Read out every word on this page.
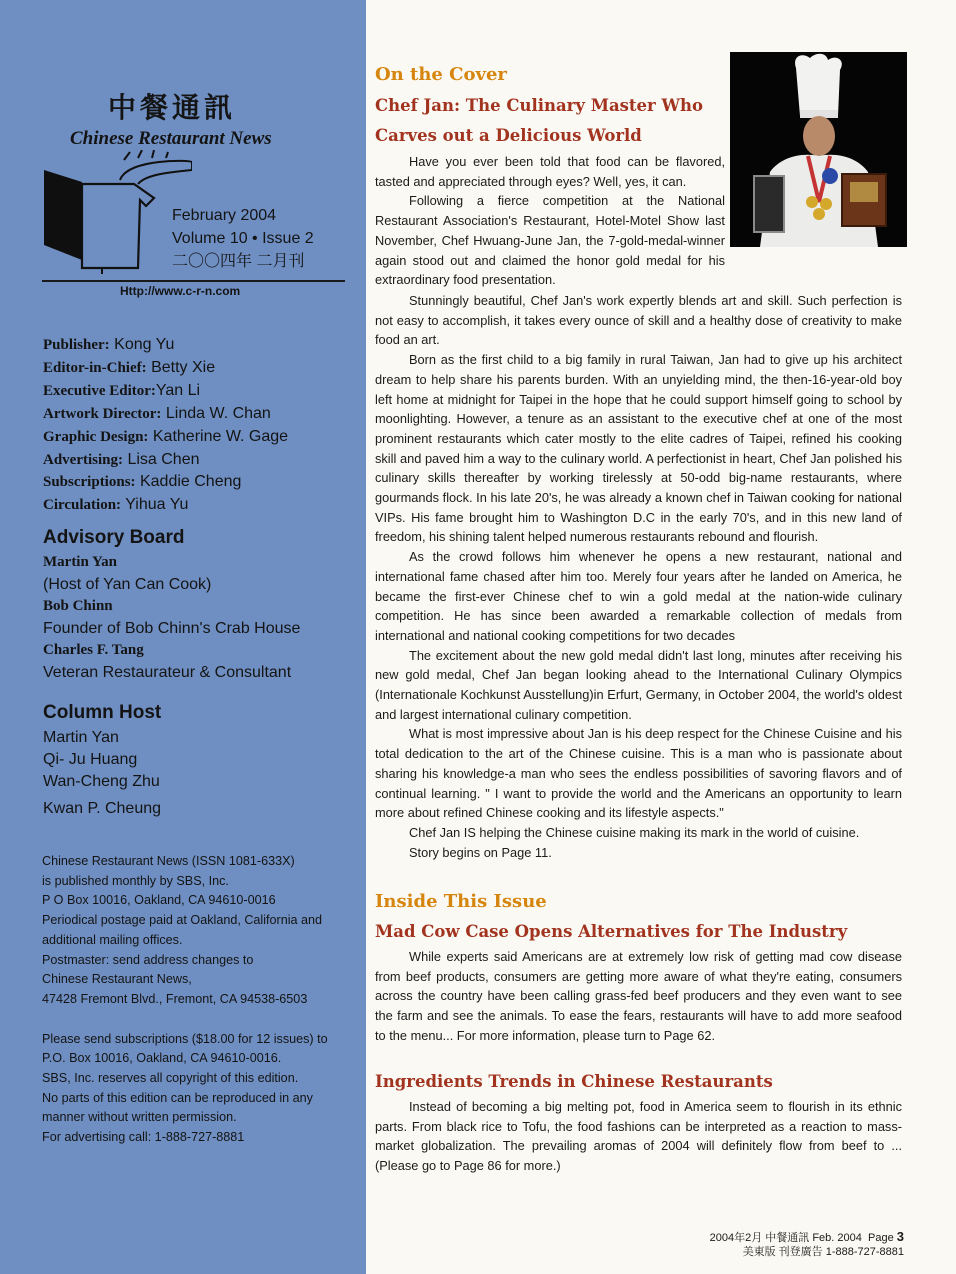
中餐通訊
Chinese Restaurant News
February 2004
Volume 10 • Issue 2
二〇〇四年 二月刊
Http://www.c-r-n.com
Publisher: Kong Yu
Editor-in-Chief: Betty Xie
Executive Editor:Yan Li
Artwork Director: Linda W. Chan
Graphic Design: Katherine W. Gage
Advertising: Lisa Chen
Subscriptions: Kaddie Cheng
Circulation: Yihua Yu
Advisory Board
Martin Yan
(Host of Yan Can Cook)
Bob Chinn
Founder of Bob Chinn's Crab House
Charles F. Tang
Veteran Restaurateur & Consultant
Column Host
Martin Yan
Qi- Ju Huang
Wan-Cheng Zhu
Kwan P. Cheung
Chinese Restaurant News (ISSN 1081-633X)
is published monthly by SBS, Inc.
P O Box 10016, Oakland, CA 94610-0016
Periodical postage paid at Oakland, California and additional mailing offices.
Postmaster: send address changes to
Chinese Restaurant News,
47428 Fremont Blvd., Fremont, CA 94538-6503
Please send subscriptions ($18.00 for 12 issues) to
P.O. Box 10016, Oakland, CA 94610-0016.
SBS, Inc. reserves all copyright of this edition.
No parts of this edition can be reproduced in any manner without written permission.
For advertising call: 1-888-727-8881
On the Cover
Chef Jan: The Culinary Master Who
Carves out a Delicious World

Have you ever been told that food can be flavored, tasted and appreciated through eyes? Well, yes, it can.

Following a fierce competition at the National Restaurant Association's Restaurant, Hotel-Motel Show last November, Chef Hwuang-June Jan, the 7-gold-medal-winner again stood out and claimed the honor gold medal for his extraordinary food presentation.

Stunningly beautiful, Chef Jan's work expertly blends art and skill. Such perfection is not easy to accomplish, it takes every ounce of skill and a healthy dose of creativity to make food an art.

Born as the first child to a big family in rural Taiwan, Jan had to give up his architect dream to help share his parents burden. With an unyielding mind, the then-16-year-old boy left home at midnight for Taipei in the hope that he could support himself going to school by moonlighting. However, a tenure as an assistant to the executive chef at one of the most prominent restaurants which cater mostly to the elite cadres of Taipei, refined his cooking skill and paved him a way to the culinary world. A perfectionist in heart, Chef Jan polished his culinary skills thereafter by working tirelessly at 50-odd big-name restaurants, where gourmands flock. In his late 20's, he was already a known chef in Taiwan cooking for national VIPs. His fame brought him to Washington D.C in the early 70's, and in this new land of freedom, his shining talent helped numerous restaurants rebound and flourish.

As the crowd follows him whenever he opens a new restaurant, national and international fame chased after him too. Merely four years after he landed on America, he became the first-ever Chinese chef to win a gold medal at the nation-wide culinary competition. He has since been awarded a remarkable collection of medals from international and national cooking competitions for two decades

The excitement about the new gold medal didn't last long, minutes after receiving his new gold medal, Chef Jan began looking ahead to the International Culinary Olympics (Internationale Kochkunst Ausstellung)in Erfurt, Germany, in October 2004, the world's oldest and largest international culinary competition.

What is most impressive about Jan is his deep respect for the Chinese Cuisine and his total dedication to the art of the Chinese cuisine. This is a man who is passionate about sharing his knowledge-a man who sees the endless possibilities of savoring flavors and of continual learning. " I want to provide the world and the Americans an opportunity to learn more about refined Chinese cooking and its lifestyle aspects."

Chef Jan IS helping the Chinese cuisine making its mark in the world of cuisine.

Story begins on Page 11.

Inside This Issue
Mad Cow Case Opens Alternatives for The Industry

While experts said Americans are at extremely low risk of getting mad cow disease from beef products, consumers are getting more aware of what they're eating, consumers across the country have been calling grass-fed beef producers and they even want to see the farm and see the animals. To ease the fears, restaurants will have to add more seafood to the menu... For more information, please turn to Page 62.

Ingredients Trends in Chinese Restaurants

Instead of becoming a big melting pot, food in America seem to flourish in its ethnic parts. From black rice to Tofu, the food fashions can be interpreted as a reaction to mass-market globalization. The prevailing aromas of 2004 will definitely flow from beef to ... (Please go to Page 86 for more.)

2004年2月 中餐通訊 Feb. 2004 Page 3
美東版 刊登廣告 1-888-727-8881
